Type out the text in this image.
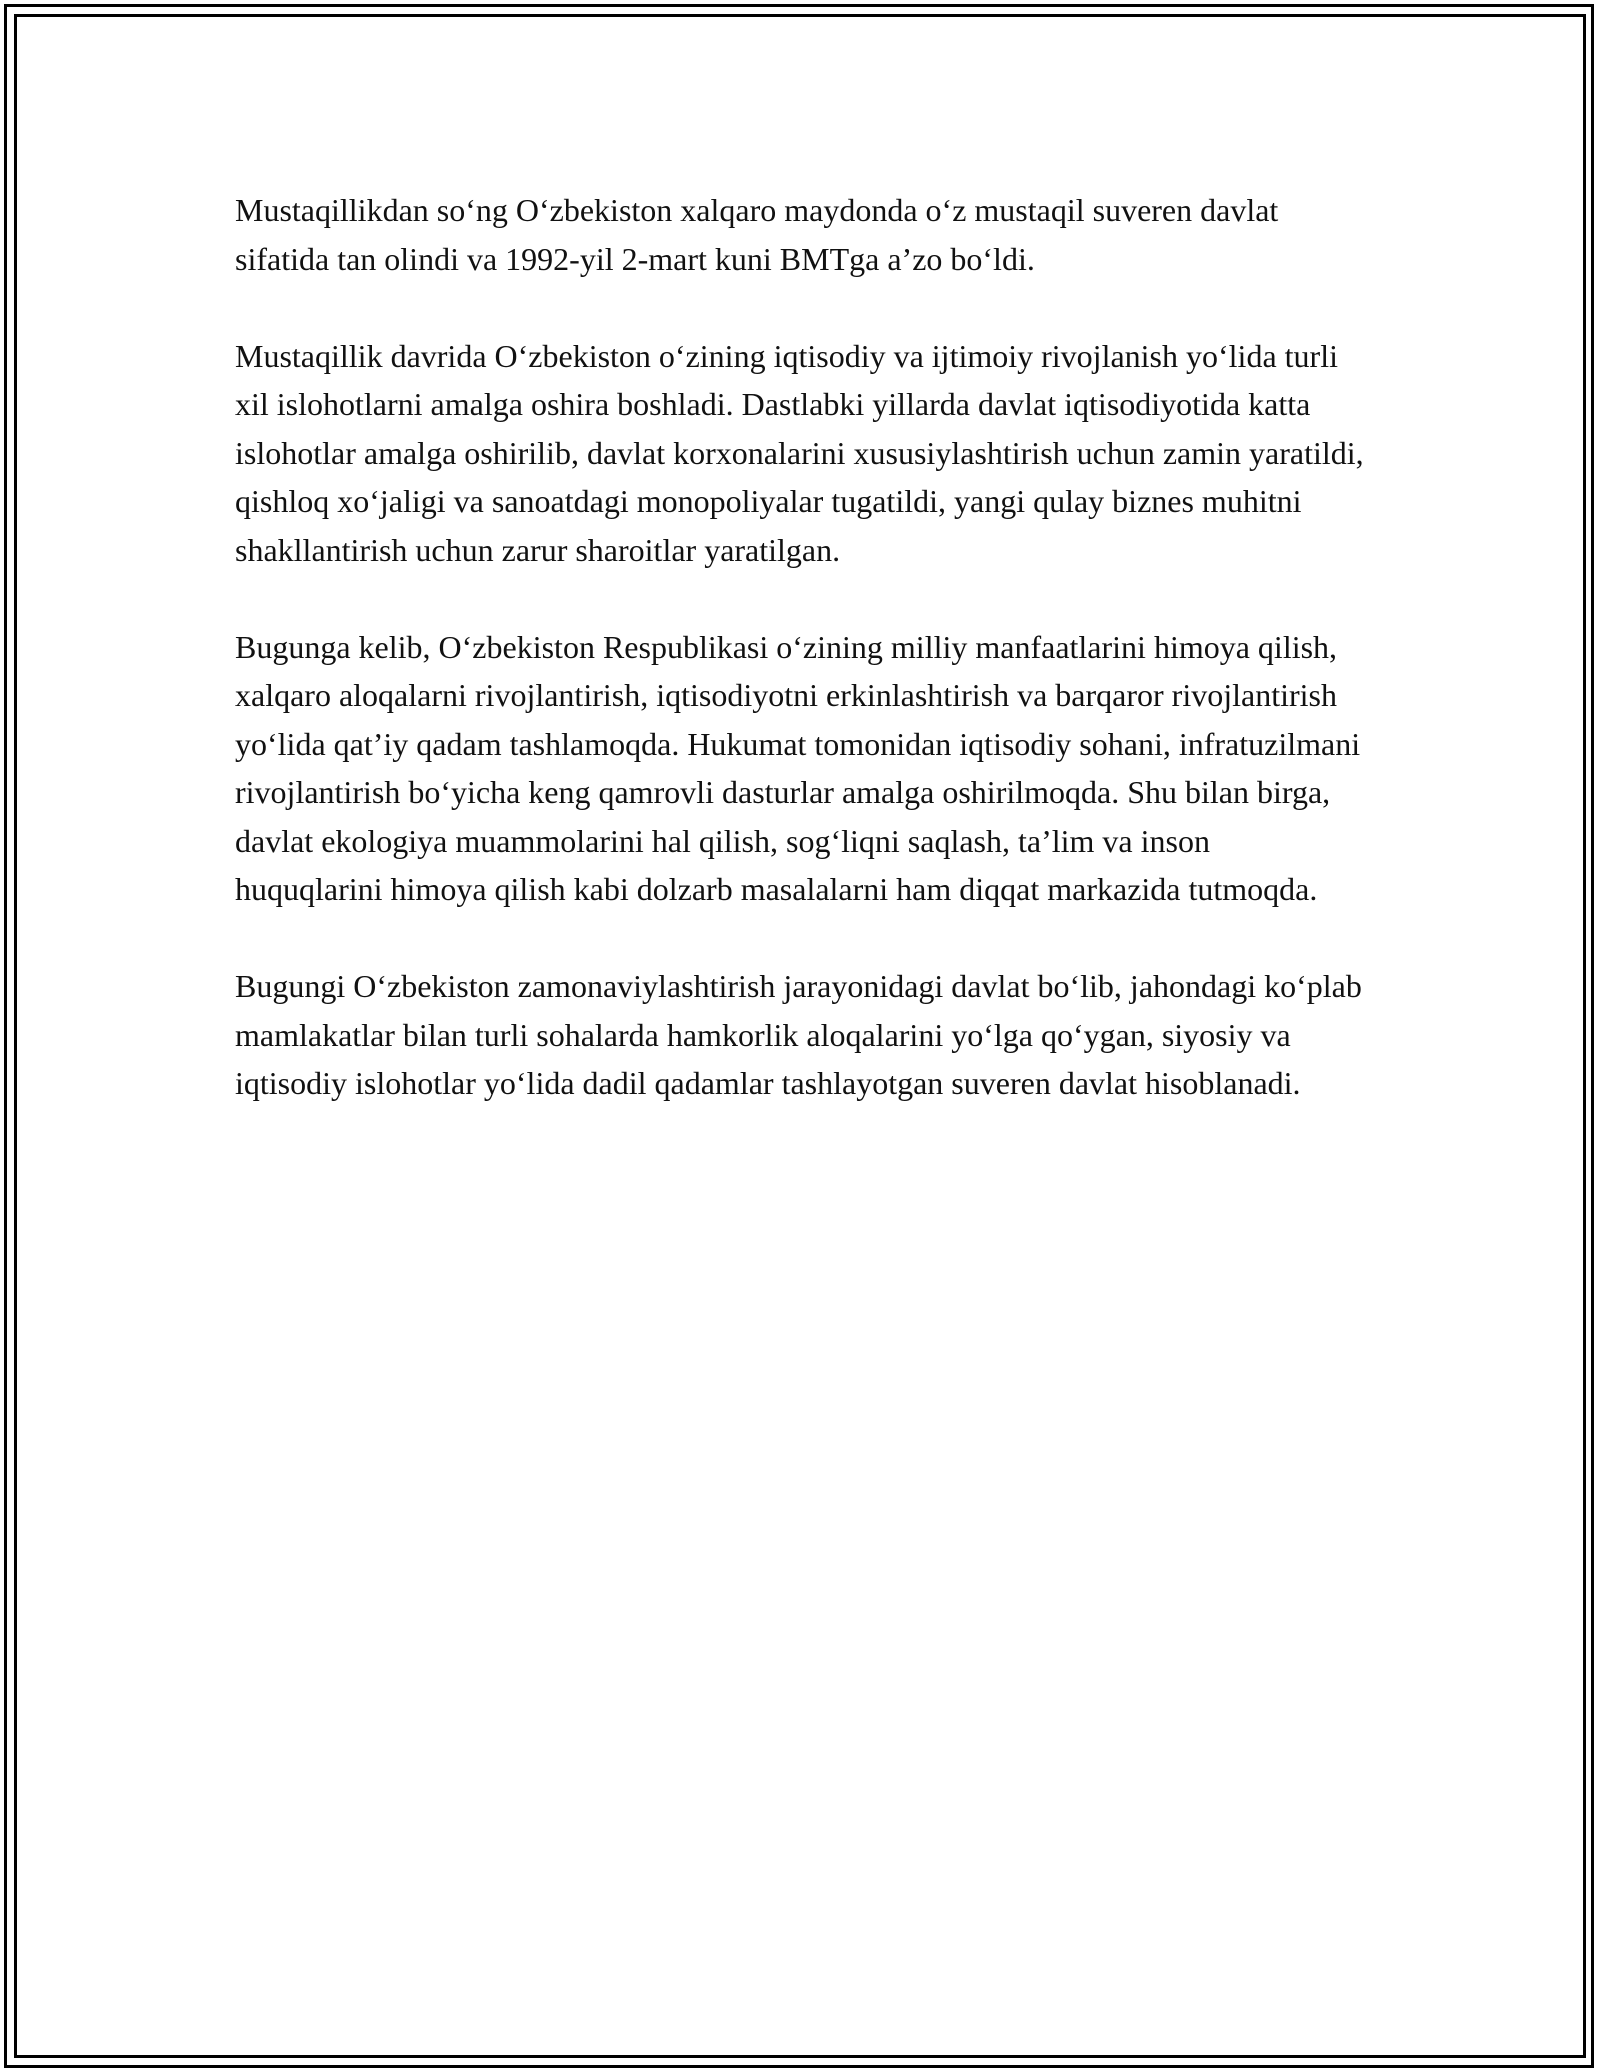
Mustaqillikdan so‘ng O‘zbekiston xalqaro maydonda o‘z mustaqil suveren davlat sifatida tan olindi va 1992-yil 2-mart kuni BMTga a’zo bo‘ldi.

Mustaqillik davrida O‘zbekiston o‘zining iqtisodiy va ijtimoiy rivojlanish yo‘lida turli xil islohotlarni amalga oshira boshladi. Dastlabki yillarda davlat iqtisodiyotida katta islohotlar amalga oshirilib, davlat korxonalarini xususiylashtirish uchun zamin yaratildi, qishloq xo‘jaligi va sanoatdagi monopoliyalar tugatildi, yangi qulay biznes muhitni shakllantirish uchun zarur sharoitlar yaratilgan.

Bugunga kelib, O‘zbekiston Respublikasi o‘zining milliy manfaatlarini himoya qilish, xalqaro aloqalarni rivojlantirish, iqtisodiyotni erkinlashtirish va barqaror rivojlantirish yo‘lida qat’iy qadam tashlamoqda. Hukumat tomonidan iqtisodiy sohani, infratuzilmani rivojlantirish bo‘yicha keng qamrovli dasturlar amalga oshirilmoqda. Shu bilan birga, davlat ekologiya muammolarini hal qilish, sog‘liqni saqlash, ta’lim va inson huquqlarini himoya qilish kabi dolzarb masalalarni ham diqqat markazida tutmoqda.

Bugungi O‘zbekiston zamonaviylashtirish jarayonidagi davlat bo‘lib, jahondagi ko‘plab mamlakatlar bilan turli sohalarda hamkorlik aloqalarini yo‘lga qo‘ygan, siyosiy va iqtisodiy islohotlar yo‘lida dadil qadamlar tashlayotgan suveren davlat hisoblanadi.
